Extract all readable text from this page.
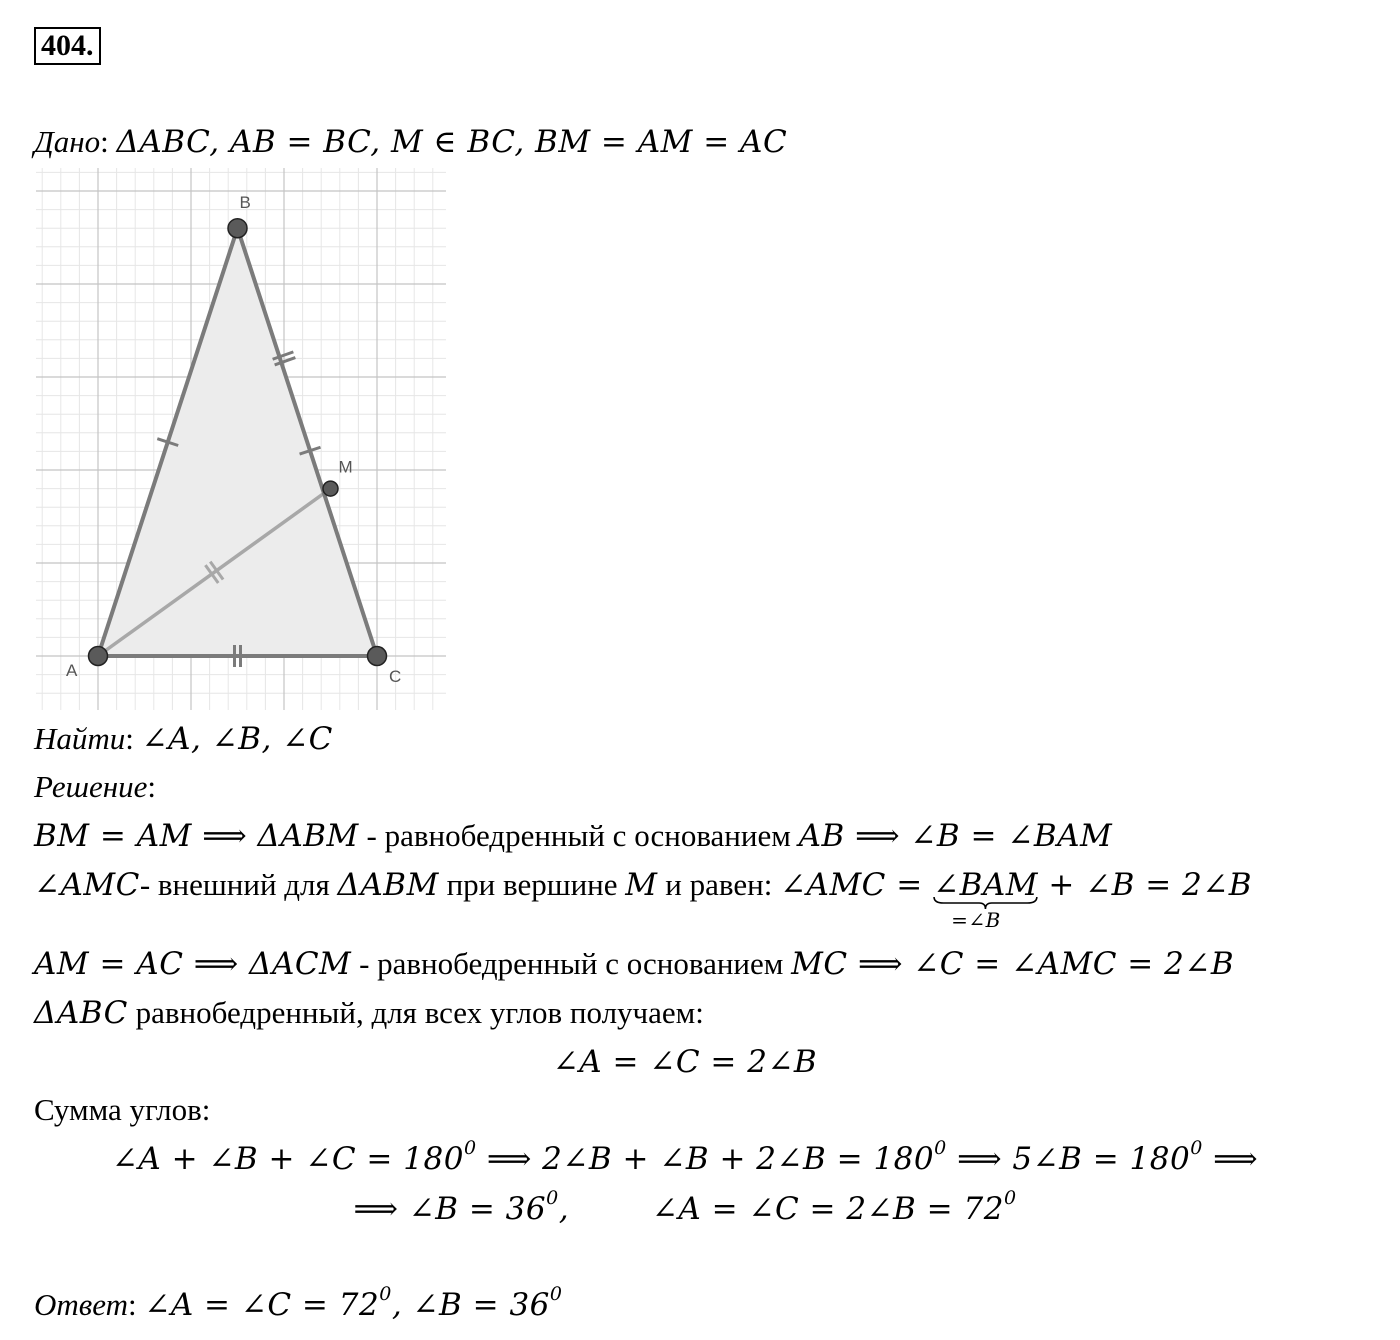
404.
Дано: ΔABC, AB = BC, M ∈ BC, BM = AM = AC
A
B
C
M
Найти: ∠A, ∠B, ∠C
Решение:
BM = AM ⟹ ΔABM - равнобедренный с основанием AB ⟹ ∠B = ∠BAM
∠AMC- внешний для ΔABM при вершине M и равен: ∠AMC = ∠BAM
=∠B
+ ∠B = 2∠B
AM = AC ⟹ ΔACM - равнобедренный с основанием MC ⟹ ∠C = ∠AMC = 2∠B
ΔABC равнобедренный, для всех углов получаем:
∠A = ∠C = 2∠B
Сумма углов:
∠A + ∠B + ∠C = $180^0$ ⟹ 2∠B + ∠B + 2∠B = $180^0$ ⟹ 5∠B = $180^0$ ⟹
⟹ ∠B = $36^0$,        ∠A = ∠C = 2∠B = $72^0$
Ответ: ∠A = ∠C = $72^0$, ∠B = $36^0$
